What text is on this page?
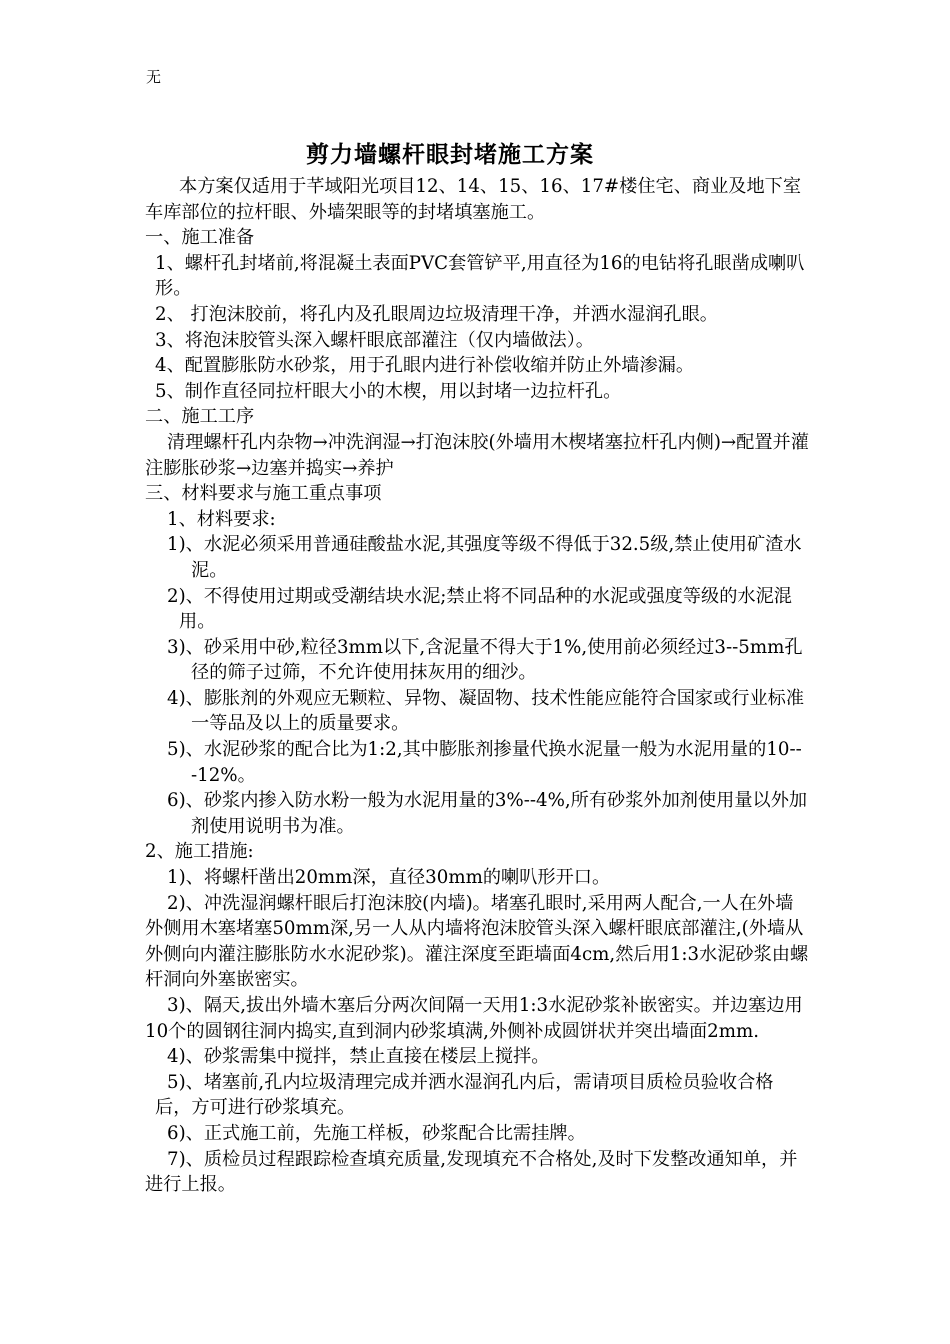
无
剪力墙螺杆眼封堵施工方案
本方案仅适用于芊域阳光项目12、14、15、16、17#楼住宅、商业及地下室车库部位的拉杆眼、外墙架眼等的封堵填塞施工。
一、施工准备
1、螺杆孔封堵前,将混凝土表面PVC套管铲平,用直径为16的电钻将孔眼凿成喇叭形。
2、 打泡沫胶前，将孔内及孔眼周边垃圾清理干净，并洒水湿润孔眼。
3、将泡沫胶管头深入螺杆眼底部灌注（仅内墙做法）。
4、配置膨胀防水砂浆，用于孔眼内进行补偿收缩并防止外墙渗漏。
5、制作直径同拉杆眼大小的木楔，用以封堵一边拉杆孔。
二、施工工序
清理螺杆孔内杂物→冲洗润湿→打泡沫胶(外墙用木楔堵塞拉杆孔内侧)→配置并灌注膨胀砂浆→边塞并捣实→养护
三、材料要求与施工重点事项
1、材料要求:
1)、水泥必须采用普通硅酸盐水泥,其强度等级不得低于32.5级,禁止使用矿渣水泥。
2)、不得使用过期或受潮结块水泥;禁止将不同品种的水泥或强度等级的水泥混用。
3)、砂采用中砂,粒径3mm以下,含泥量不得大于1%,使用前必须经过3--5mm孔径的筛子过筛，不允许使用抹灰用的细沙。
4)、膨胀剂的外观应无颗粒、异物、凝固物、技术性能应能符合国家或行业标准一等品及以上的质量要求。
5)、水泥砂浆的配合比为1:2,其中膨胀剂掺量代换水泥量一般为水泥用量的10---12%。
6)、砂浆内掺入防水粉一般为水泥用量的3%--4%,所有砂浆外加剂使用量以外加剂使用说明书为准。
2、施工措施:
1)、将螺杆凿出20mm深，直径30mm的喇叭形开口。
2)、冲洗湿润螺杆眼后打泡沫胶(内墙)。堵塞孔眼时,采用两人配合,一人在外墙外侧用木塞堵塞50mm深,另一人从内墙将泡沫胶管头深入螺杆眼底部灌注,(外墙从外侧向内灌注膨胀防水水泥砂浆)。灌注深度至距墙面4cm,然后用1:3水泥砂浆由螺杆洞向外塞嵌密实。
3)、隔天,拔出外墙木塞后分两次间隔一天用1:3水泥砂浆补嵌密实。并边塞边用10个的圆钢往洞内捣实,直到洞内砂浆填满,外侧补成圆饼状并突出墙面2mm.
4)、砂浆需集中搅拌，禁止直接在楼层上搅拌。
5)、堵塞前,孔内垃圾清理完成并洒水湿润孔内后，需请项目质检员验收合格后，方可进行砂浆填充。
6)、正式施工前，先施工样板，砂浆配合比需挂牌。
7)、质检员过程跟踪检查填充质量,发现填充不合格处,及时下发整改通知单，并进行上报。
